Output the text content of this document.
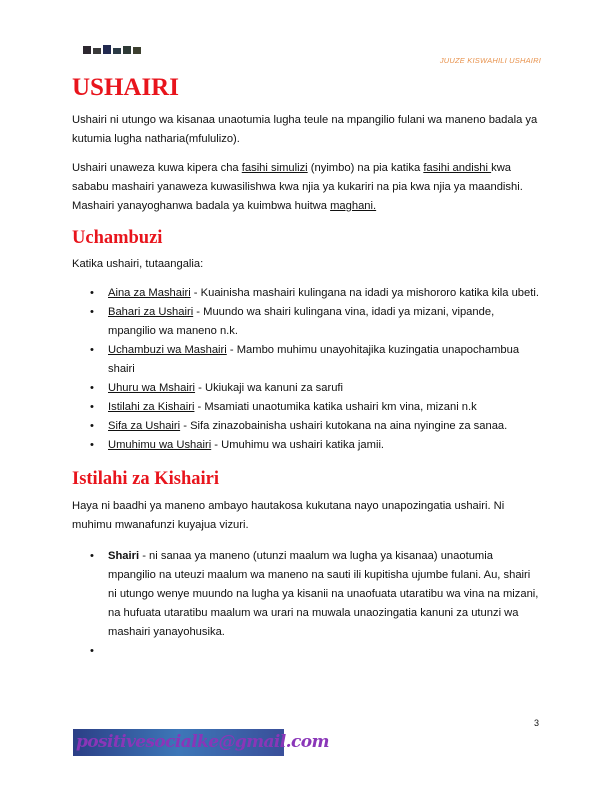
JUUZE KISWAHILI USHAIRI
USHAIRI

Ushairi ni utungo wa kisanaa unaotumia lugha teule na mpangilio fulani wa maneno badala ya kutumia lugha natharia(mfululizo).

Ushairi unaweza kuwa kipera cha fasihi simulizi (nyimbo) na pia katika fasihi andishi kwa sababu mashairi yanaweza kuwasilishwa kwa njia ya kukariri na pia kwa njia ya maandishi. Mashairi yanayoghanwa badala ya kuimbwa huitwa maghani.

Uchambuzi

Katika ushairi, tutaangalia:

• Aina za Mashairi - Kuainisha mashairi kulingana na idadi ya mishororo katika kila ubeti.
• Bahari za Ushairi - Muundo wa shairi kulingana vina, idadi ya mizani, vipande, mpangilio wa maneno n.k.
• Uchambuzi wa Mashairi - Mambo muhimu unayohitajika kuzingatia unapochambua shairi
• Uhuru wa Mshairi - Ukiukaji wa kanuni za sarufi
• Istilahi za Kishairi - Msamiati unaotumika katika ushairi km vina, mizani n.k
• Sifa za Ushairi - Sifa zinazobainisha ushairi kutokana na aina nyingine za sanaa.
• Umuhimu wa Ushairi - Umuhimu wa ushairi katika jamii.
Istilahi za Kishairi

Haya ni baadhi ya maneno ambayo hautakosa kukutana nayo unapozingatia ushairi. Ni muhimu mwanafunzi kuyajua vizuri.

• Shairi - ni sanaa ya maneno (utunzi maalum wa lugha ya kisanaa) unaotumia mpangilio na uteuzi maalum wa maneno na sauti ili kupitisha ujumbe fulani. Au, shairi ni utungo wenye muundo na lugha ya kisanii na unaofuata utaratibu wa vina na mizani, na hufuata utaratibu maalum wa urari na muwala unaozingatia kanuni za utunzi wa mashairi yanayohusika.
•
3
positivesocialke@gmail.com
